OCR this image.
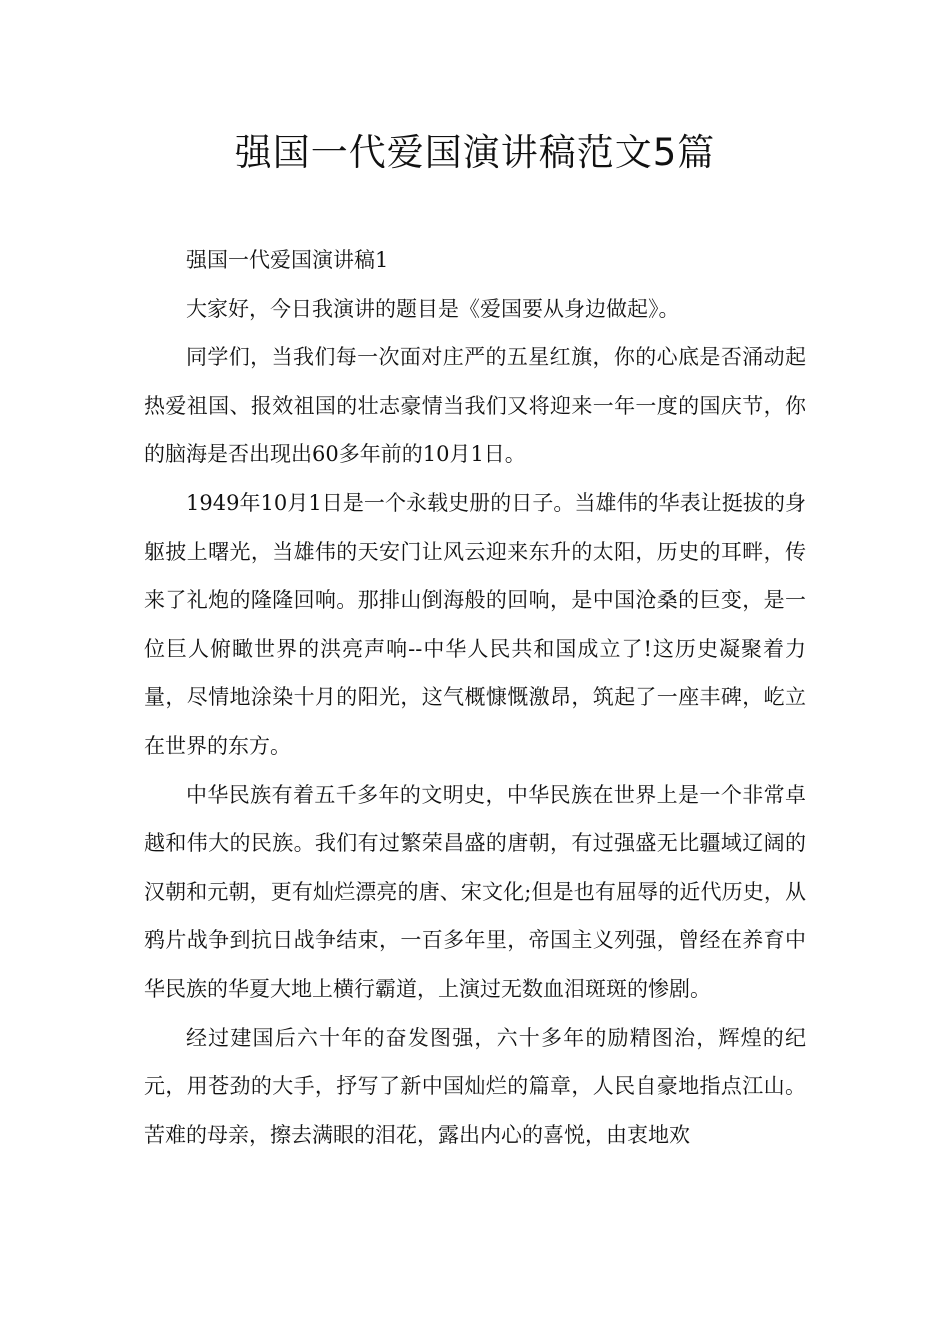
强国一代爱国演讲稿范文5篇

强国一代爱国演讲稿1

大家好，今日我演讲的题目是《爱国要从身边做起》。

同学们，当我们每一次面对庄严的五星红旗，你的心底是否涌动起热爱祖国、报效祖国的壮志豪情当我们又将迎来一年一度的国庆节，你的脑海是否出现出60多年前的10月1日。

1949年10月1日是一个永载史册的日子。当雄伟的华表让挺拔的身躯披上曙光，当雄伟的天安门让风云迎来东升的太阳，历史的耳畔，传来了礼炮的隆隆回响。那排山倒海般的回响，是中国沧桑的巨变，是一位巨人俯瞰世界的洪亮声响--中华人民共和国成立了!这历史凝聚着力量，尽情地涂染十月的阳光，这气概慷慨激昂，筑起了一座丰碑，屹立在世界的东方。

中华民族有着五千多年的文明史，中华民族在世界上是一个非常卓越和伟大的民族。我们有过繁荣昌盛的唐朝，有过强盛无比疆域辽阔的汉朝和元朝，更有灿烂漂亮的唐、宋文化;但是也有屈辱的近代历史，从鸦片战争到抗日战争结束，一百多年里，帝国主义列强，曾经在养育中华民族的华夏大地上横行霸道，上演过无数血泪斑斑的惨剧。

经过建国后六十年的奋发图强，六十多年的励精图治，辉煌的纪元，用苍劲的大手，抒写了新中国灿烂的篇章，人民自豪地指点江山。苦难的母亲，擦去满眼的泪花，露出内心的喜悦，由衷地欢
